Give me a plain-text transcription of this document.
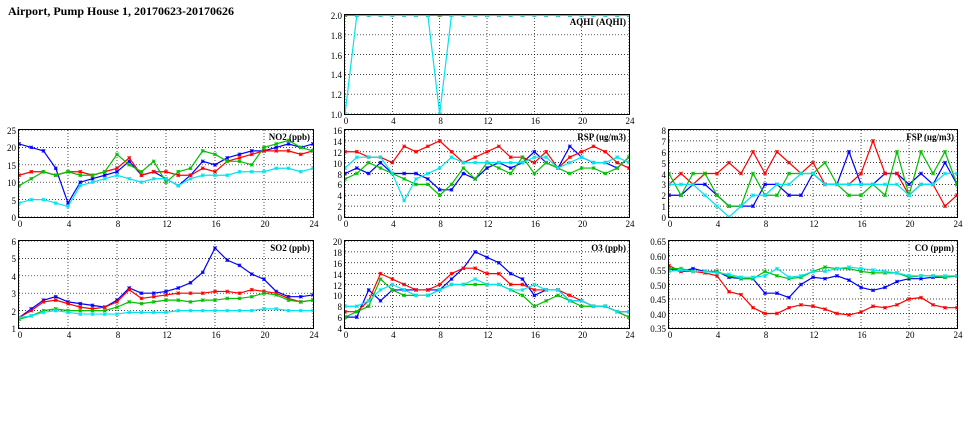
Airport, Pump House 1, 20170623-20170626
AQHI (AQHI)
1.0
1.2
1.4
1.6
1.8
2.0
0	4	8	12	16	20	24
NO2 (ppb)
0
5
10
15
20
25
0	4	8	12	16	20	24
RSP (ug/m3)
0
2
4
6
8
10
12
14
16
0	4	8	12	16	20	24
FSP (ug/m3)
0
1
2
3
4
5
6
7
8
0	4	8	12	16	20	24
SO2 (ppb)
1
2
3
4
5
6
0	4	8	12	16	20	24
O3 (ppb)
4
6
8
10
12
14
16
18
20
0	4	8	12	16	20	24
CO (ppm)
0.35
0.40
0.45
0.50
0.55
0.60
0.65
0	4	8	12	16	20	24
